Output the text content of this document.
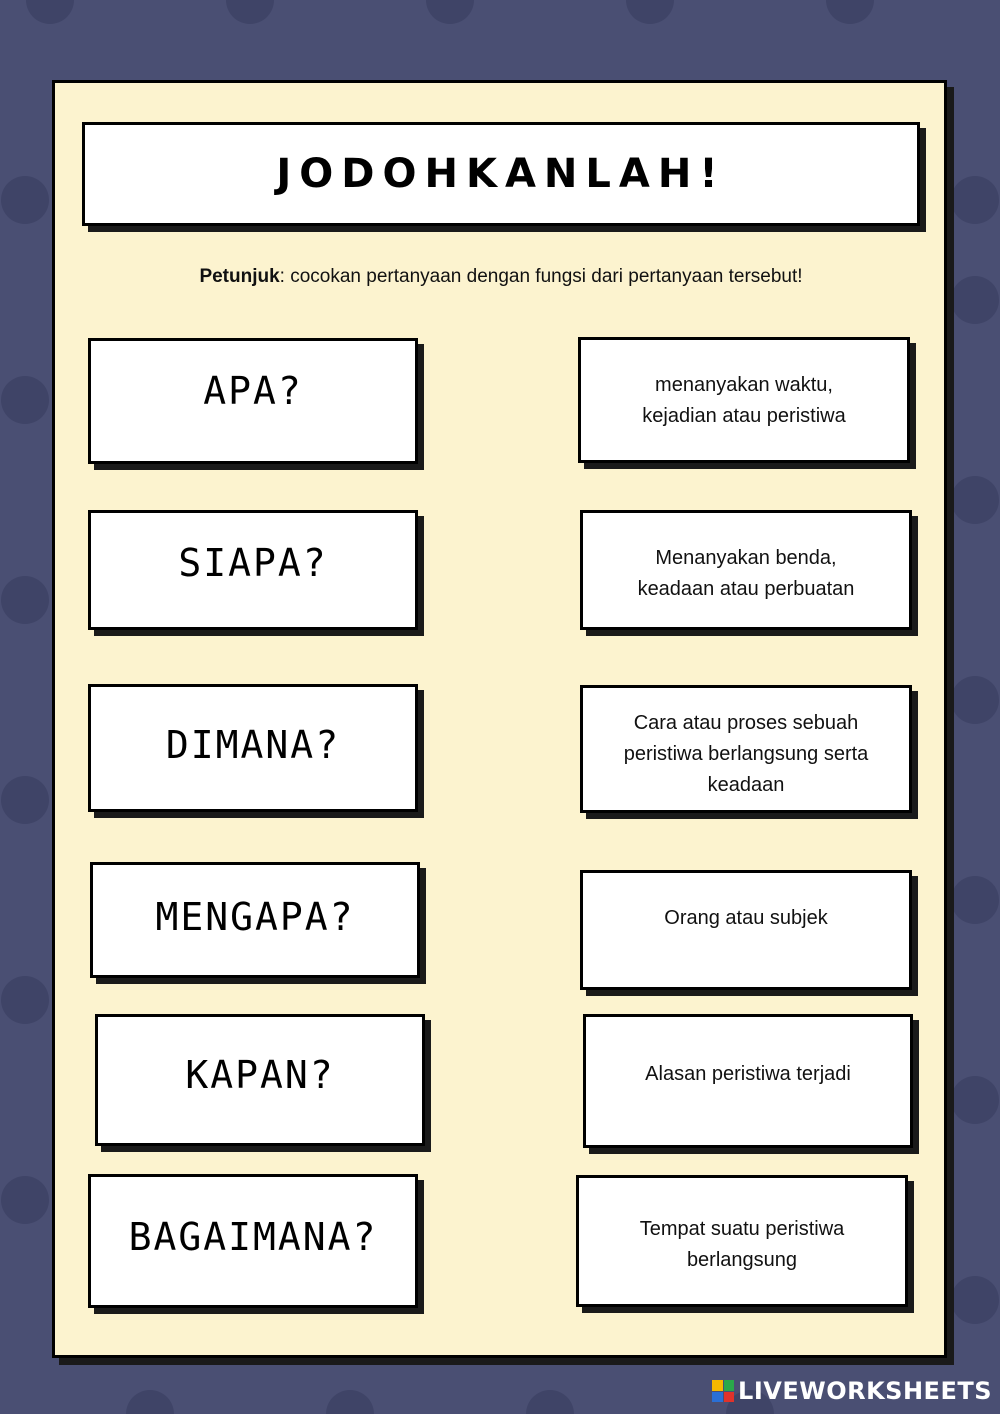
JODOHKANLAH!
Petunjuk: cocokan pertanyaan dengan fungsi dari pertanyaan tersebut!
APA?
SIAPA?
DIMANA?
MENGAPA?
KAPAN?
BAGAIMANA?
menanyakan waktu,
kejadian atau peristiwa
Menanyakan benda,
keadaan atau perbuatan
Cara atau proses sebuah
peristiwa berlangsung serta
keadaan
Orang atau subjek
Alasan peristiwa terjadi
Tempat suatu peristiwa
berlangsung
LIVEWORKSHEETS
